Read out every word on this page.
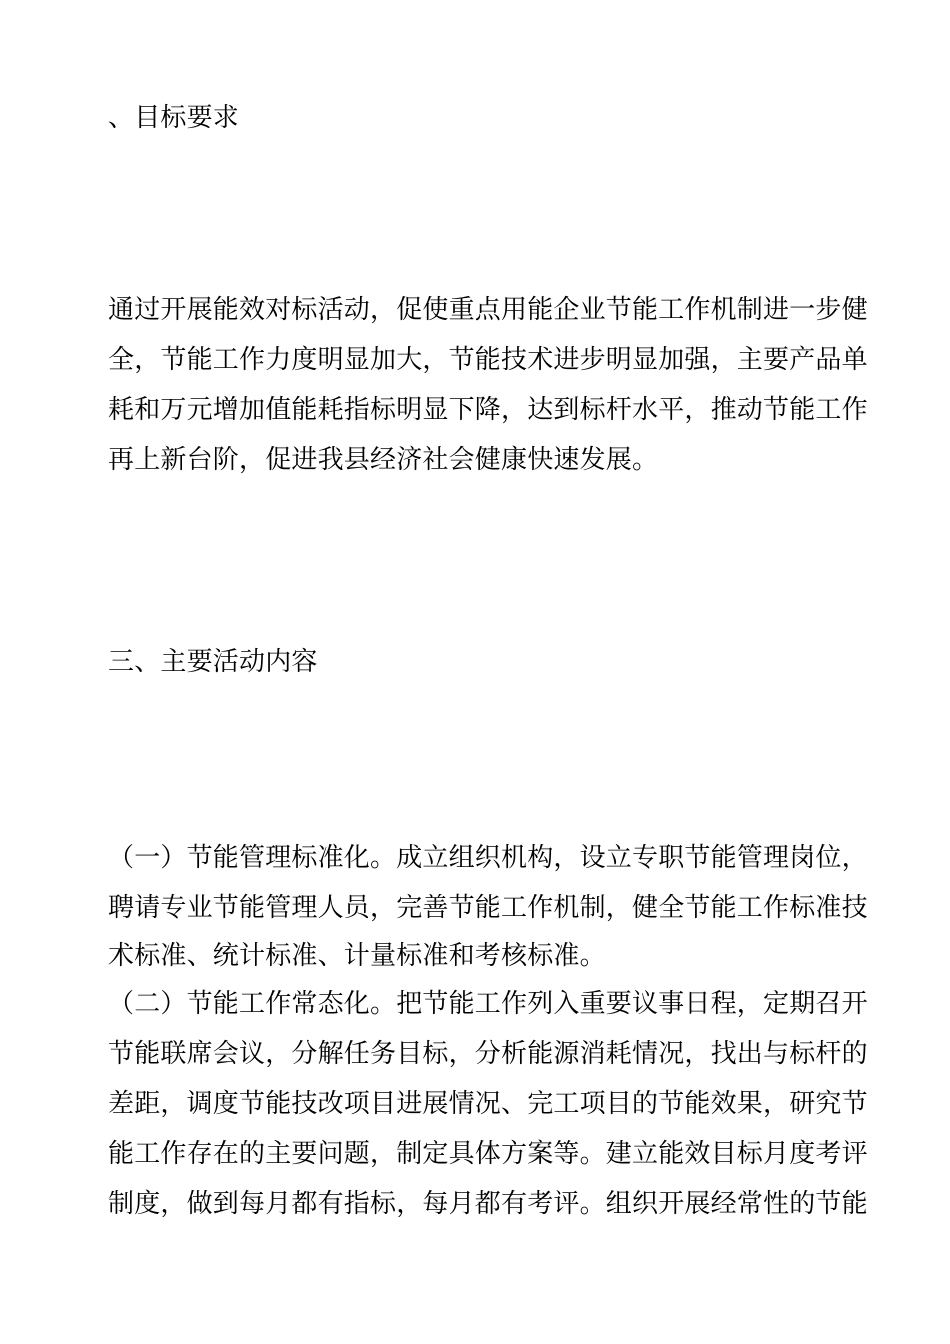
、目标要求
通过开展能效对标活动，促使重点用能企业节能工作机制进一步健
全，节能工作力度明显加大，节能技术进步明显加强，主要产品单
耗和万元增加值能耗指标明显下降，达到标杆水平，推动节能工作
再上新台阶，促进我县经济社会健康快速发展。
三、主要活动内容
（一）节能管理标准化。成立组织机构，设立专职节能管理岗位，
聘请专业节能管理人员，完善节能工作机制，健全节能工作标准技
术标准、统计标准、计量标准和考核标准。
（二）节能工作常态化。把节能工作列入重要议事日程，定期召开
节能联席会议，分解任务目标，分析能源消耗情况，找出与标杆的
差距，调度节能技改项目进展情况、完工项目的节能效果，研究节
能工作存在的主要问题，制定具体方案等。建立能效目标月度考评
制度，做到每月都有指标，每月都有考评。组织开展经常性的节能
